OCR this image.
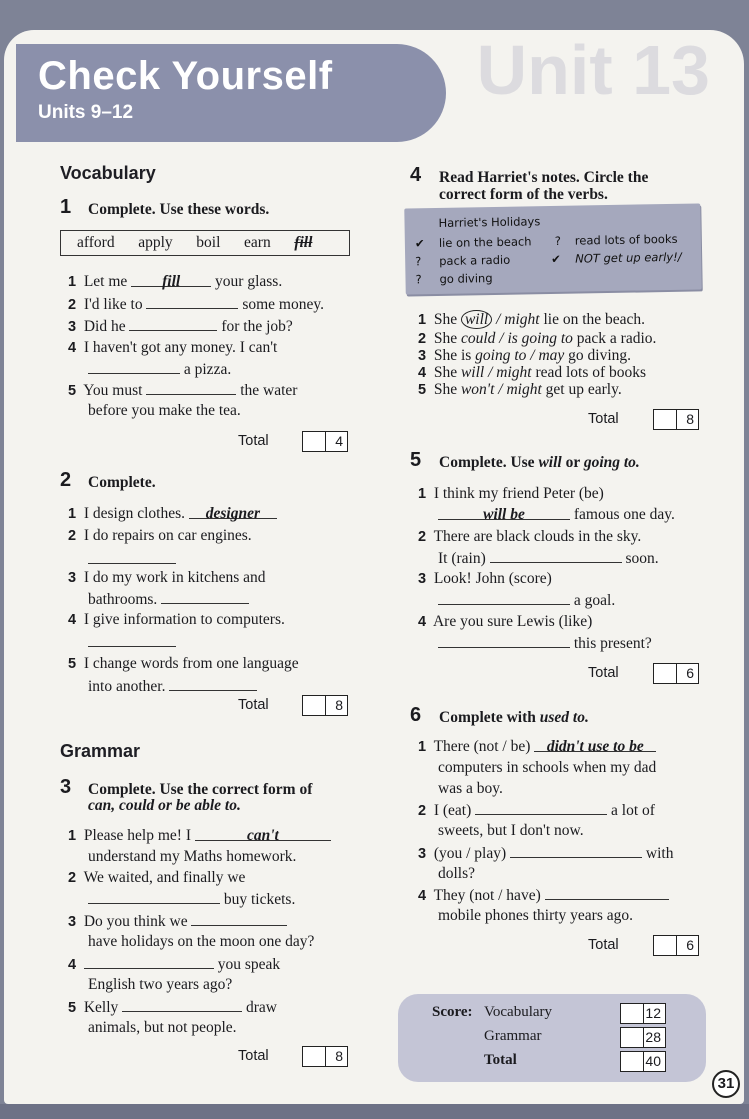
Unit 13
Check Yourself
Units 9–12
Vocabulary
1 Complete. Use these words.
afford apply boil earn fill
1 Let me fill your glass.
2 I'd like to	some money.
3 Did he	for the job?
4 I haven't got any money. I can't
a pizza.
5 You must	the water
before you make the tea.
Total	4
2 Complete.
1 I design clothes. designer
2 I do repairs on car engines.
3 I do my work in kitchens and
bathrooms.
4 I give information to computers.
5 I change words from one language
into another.
Total	8
Grammar
3 Complete. Use the correct form of
can, could or be able to.
1 Please help me! I	can't
understand my Maths homework.
2 We waited, and finally we
buy tickets.
3 Do you think we
have holidays on the moon one day?
4	you speak
English two years ago?
5 Kelly	draw
animals, but not people.
Total	8
4 Read Harriet's notes. Circle the
correct form of the verbs.
Harriet's Holidays
✔ lie on the beach ? read lots of books
? pack a radio	✔ NOT get up early!/
? go diving
1 She will / might lie on the beach.
2 She could / is going to pack a radio.
3 She is going to / may go diving.
4 She will / might read lots of books
5 She won't / might get up early.
Total	8
5 Complete. Use will or going to.
1 I think my friend Peter (be)
will be	famous one day.
2 There are black clouds in the sky.
It (rain)	soon.
3 Look! John (score)
a goal.
4 Are you sure Lewis (like)
this present?
Total	6
6 Complete with used to.
1 There (not / be) didn't use to be
computers in schools when my dad
was a boy.
2 I (eat)	a lot of
sweets, but I don't now.
3 (you / play)	with
dolls?
4 They (not / have)
mobile phones thirty years ago.
Total	6
Score: Vocabulary	12
Grammar	28
Total	40
31
